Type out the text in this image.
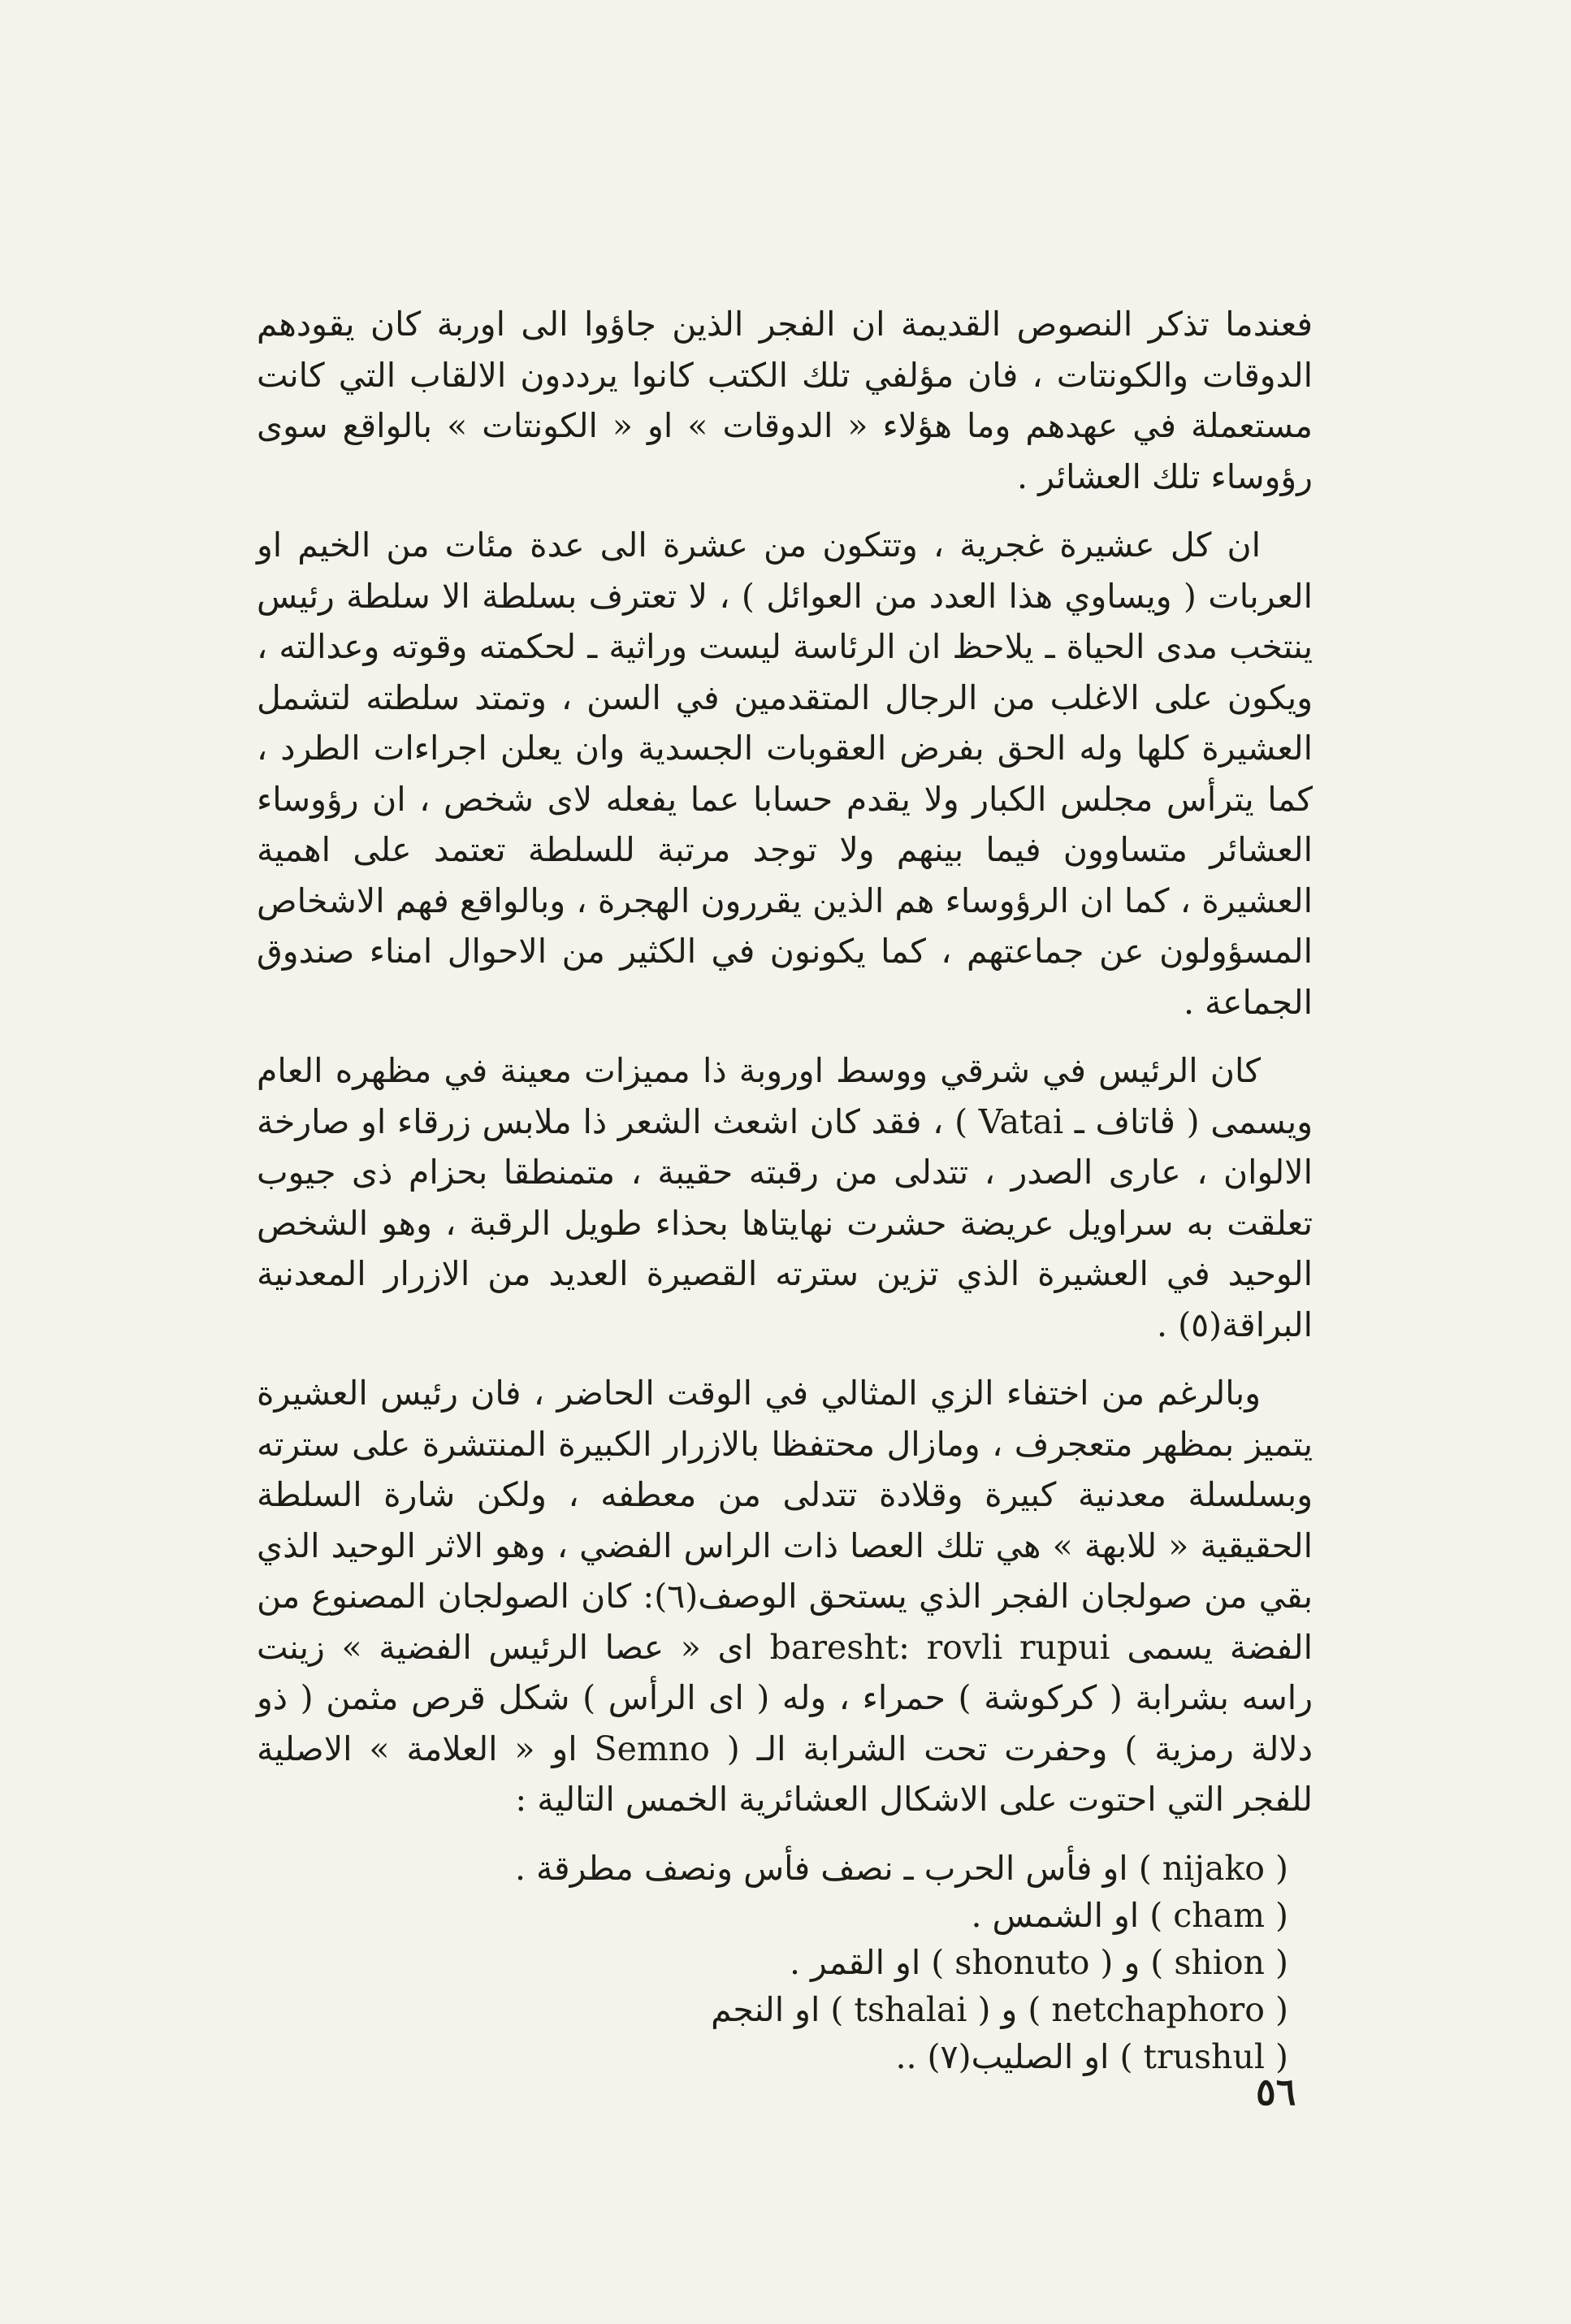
فعندما تذكر النصوص القديمة ان الفجر الذين جاؤوا الى اوربة كان يقودهم الدوقات والكونتات ، فان مؤلفي تلك الكتب كانوا يرددون الالقاب التي كانت مستعملة في عهدهم وما هؤلاء « الدوقات » او « الكونتات » بالواقع سوى رؤوساء تلك العشائر .

ان كل عشيرة غجرية ، وتتكون من عشرة الى عدة مئات من الخيم او العربات ( ويساوي هذا العدد من العوائل ) ، لا تعترف بسلطة الا سلطة رئيس ينتخب مدى الحياة ـ يلاحظ ان الرئاسة ليست وراثية ـ لحكمته وقوته وعدالته ، ويكون على الاغلب من الرجال المتقدمين في السن ، وتمتد سلطته لتشمل العشيرة كلها وله الحق بفرض العقوبات الجسدية وان يعلن اجراءات الطرد ، كما يترأس مجلس الكبار ولا يقدم حسابا عما يفعله لاى شخص ، ان رؤوساء العشائر متساوون فيما بينهم ولا توجد مرتبة للسلطة تعتمد على اهمية العشيرة ، كما ان الرؤوساء هم الذين يقررون الهجرة ، وبالواقع فهم الاشخاص المسؤولون عن جماعتهم ، كما يكونون في الكثير من الاحوال امناء صندوق الجماعة .

كان الرئيس في شرقي ووسط اوروبة ذا مميزات معينة في مظهره العام ويسمى ( ڤاتاف ـ Vatai ) ، فقد كان اشعث الشعر ذا ملابس زرقاء او صارخة الالوان ، عارى الصدر ، تتدلى من رقبته حقيبة ، متمنطقا بحزام ذى جيوب تعلقت به سراويل عريضة حشرت نهايتاها بحذاء طويل الرقبة ، وهو الشخص الوحيد في العشيرة الذي تزين سترته القصيرة العديد من الازرار المعدنية البراقة(٥) .

وبالرغم من اختفاء الزي المثالي في الوقت الحاضر ، فان رئيس العشيرة يتميز بمظهر متعجرف ، ومازال محتفظا بالازرار الكبيرة المنتشرة على سترته وبسلسلة معدنية كبيرة وقلادة تتدلى من معطفه ، ولكن شارة السلطة الحقيقية « للابهة » هي تلك العصا ذات الراس الفضي ، وهو الاثر الوحيد الذي بقي من صولجان الفجر الذي يستحق الوصف(٦): كان الصولجان المصنوع من الفضة يسمى baresht: rovli rupui اى « عصا الرئيس الفضية » زينت راسه بشرابة ( كركوشة ) حمراء ، وله ( اى الرأس ) شكل قرص مثمن ( ذو دلالة رمزية ) وحفرت تحت الشرابة الـ ( Semno او « العلامة » الاصلية للفجر التي احتوت على الاشكال العشائرية الخمس التالية :

( nijako ) او فأس الحرب ـ نصف فأس ونصف مطرقة .
( cham ) او الشمس .
( shion ) و ( shonuto ) او القمر .
( netchaphoro ) و ( tshalai ) او النجم
( trushul ) او الصليب(٧) ..
٥٦
